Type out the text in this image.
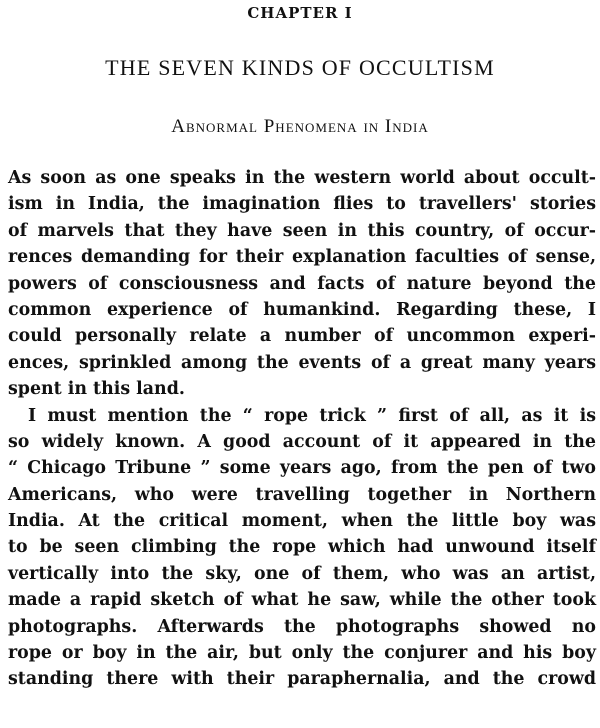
CHAPTER I
THE SEVEN KINDS OF OCCULTISM
Abnormal Phenomena in India
As soon as one speaks in the western world about occult-
ism in India, the imagination flies to travellers' stories
of marvels that they have seen in this country, of occur-
rences demanding for their explanation faculties of sense,
powers of consciousness and facts of nature beyond the
common experience of humankind. Regarding these, I
could personally relate a number of uncommon experi-
ences, sprinkled among the events of a great many years
spent in this land.
I must mention the “ rope trick ” first of all, as it is
so widely known. A good account of it appeared in the
“ Chicago Tribune ” some years ago, from the pen of two
Americans, who were travelling together in Northern
India. At the critical moment, when the little boy was
to be seen climbing the rope which had unwound itself
vertically into the sky, one of them, who was an artist,
made a rapid sketch of what he saw, while the other took
photographs. Afterwards the photographs showed no
rope or boy in the air, but only the conjurer and his boy
standing there with their paraphernalia, and the crowd
